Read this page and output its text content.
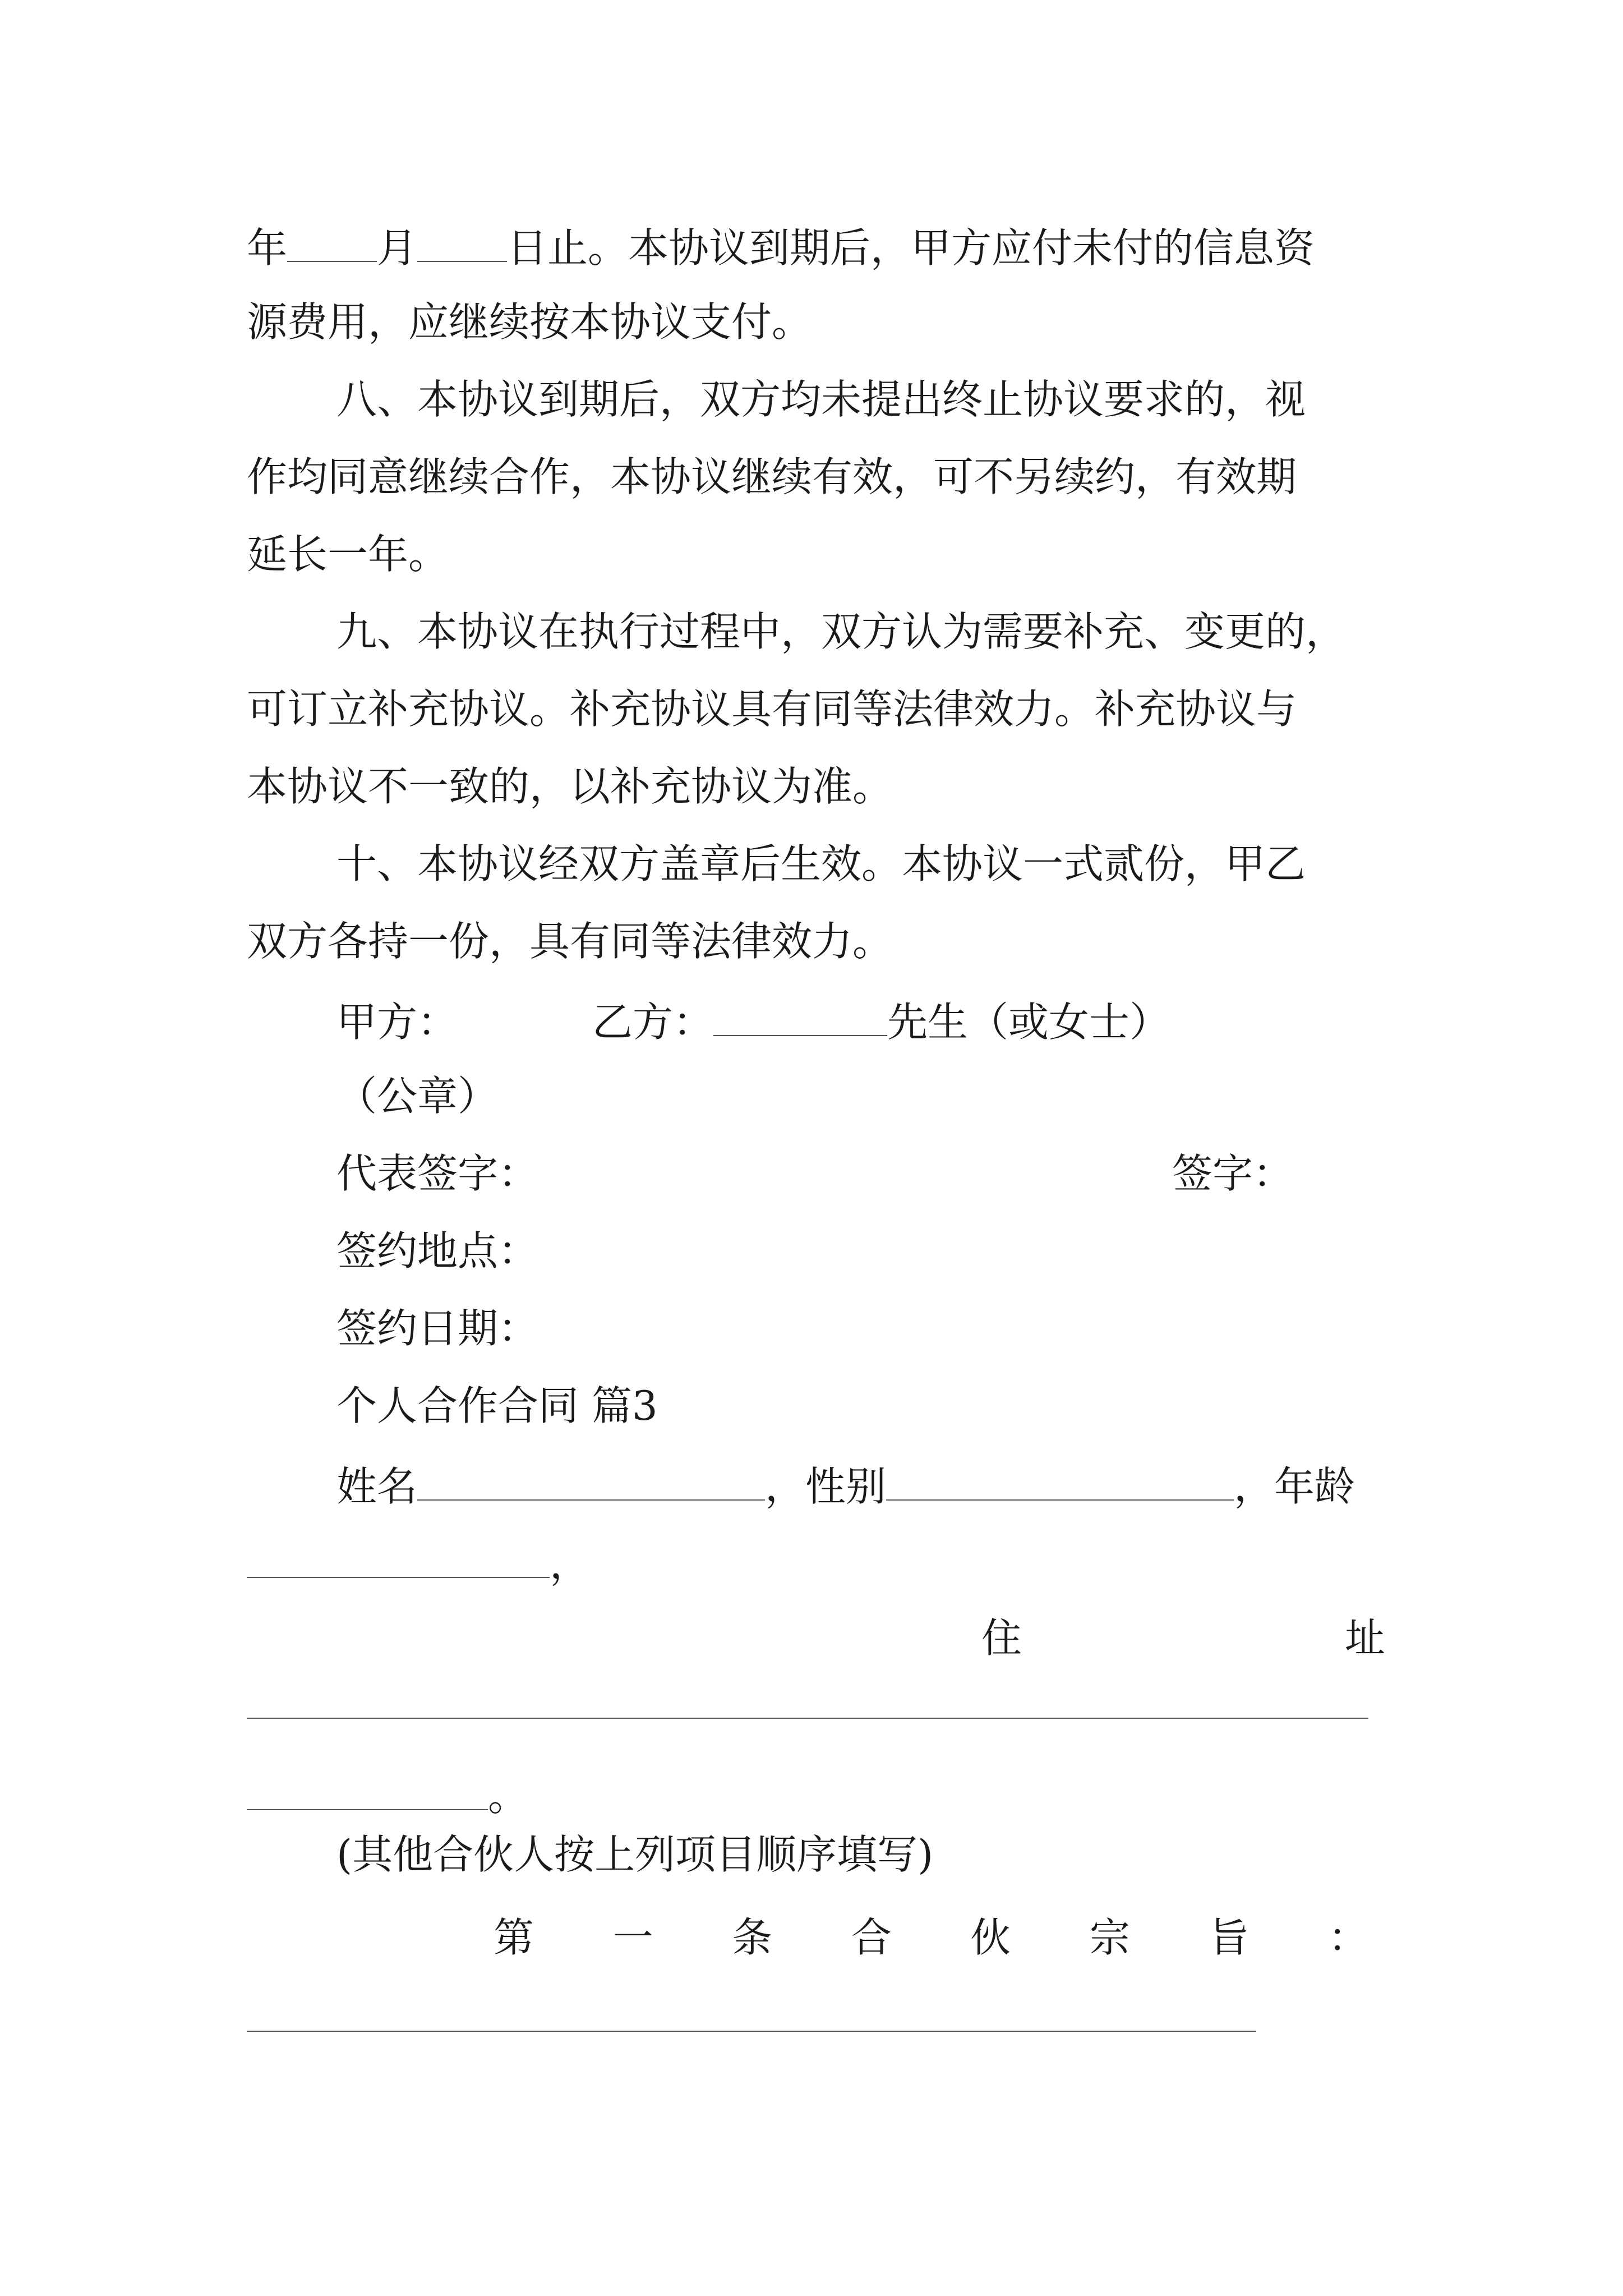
年 月 日止。本协议到期后，甲方应付未付的信息资
源费用，应继续按本协议支付。
八、本协议到期后，双方均未提出终止协议要求的，视
作均同意继续合作，本协议继续有效，可不另续约，有效期
延长一年。
九、本协议在执行过程中，双方认为需要补充、变更的，
可订立补充协议。补充协议具有同等法律效力。补充协议与
本协议不一致的，以补充协议为准。
十、本协议经双方盖章后生效。本协议一式贰份，甲乙
双方各持一份，具有同等法律效力。
甲方：	乙方：	先生（或女士）
（公章）
代表签字：	签字：
签约地点：
签约日期：
个人合作合同 篇3
姓名	，性别	，年龄
，
住	址
。
(其他合伙人按上列项目顺序填写)
第 一 条 合 伙 宗 旨 ：
